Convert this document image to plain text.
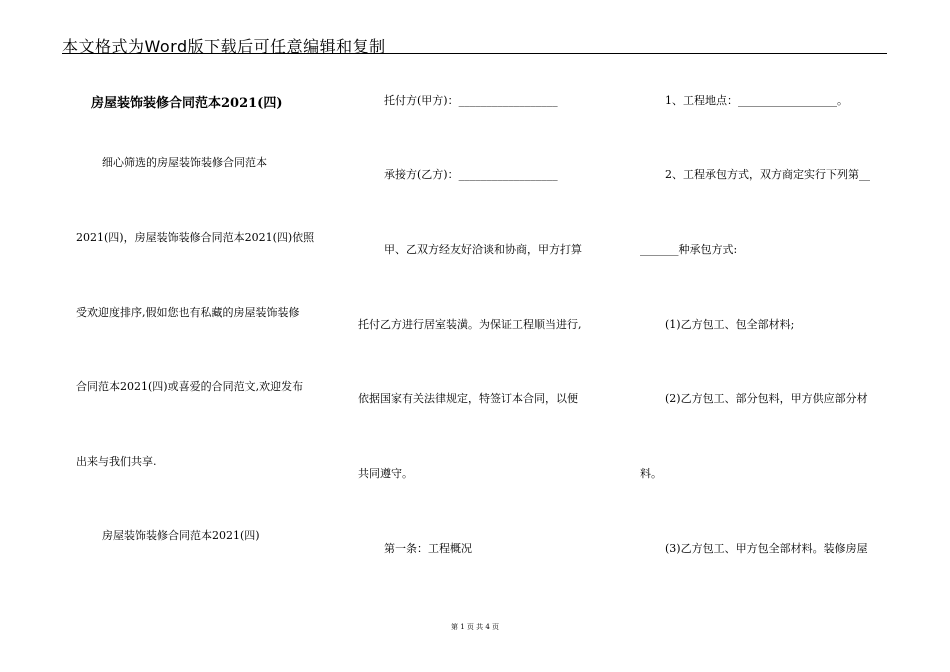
本文格式为Word版下载后可任意编辑和复制
房屋装饰装修合同范本2021(四)
细心筛选的房屋装饰装修合同范本
2021(四)，房屋装饰装修合同范本2021(四)依照
受欢迎度排序,假如您也有私藏的房屋装饰装修
合同范本2021(四)或喜爱的合同范文,欢迎发布
出来与我们共享.
房屋装饰装修合同范本2021(四)
托付方(甲方)：__________________
承接方(乙方)：__________________
甲、乙双方经友好洽谈和协商，甲方打算
托付乙方进行居室装潢。为保证工程顺当进行,
依据国家有关法律规定，特签订本合同，以便
共同遵守。
第一条：工程概况
1、工程地点：__________________。
2、工程承包方式，双方商定实行下列第__
_______种承包方式:
(1)乙方包工、包全部材料;
(2)乙方包工、部分包料，甲方供应部分材
料。
(3)乙方包工、甲方包全部材料。装修房屋
第 1 页 共 4 页
